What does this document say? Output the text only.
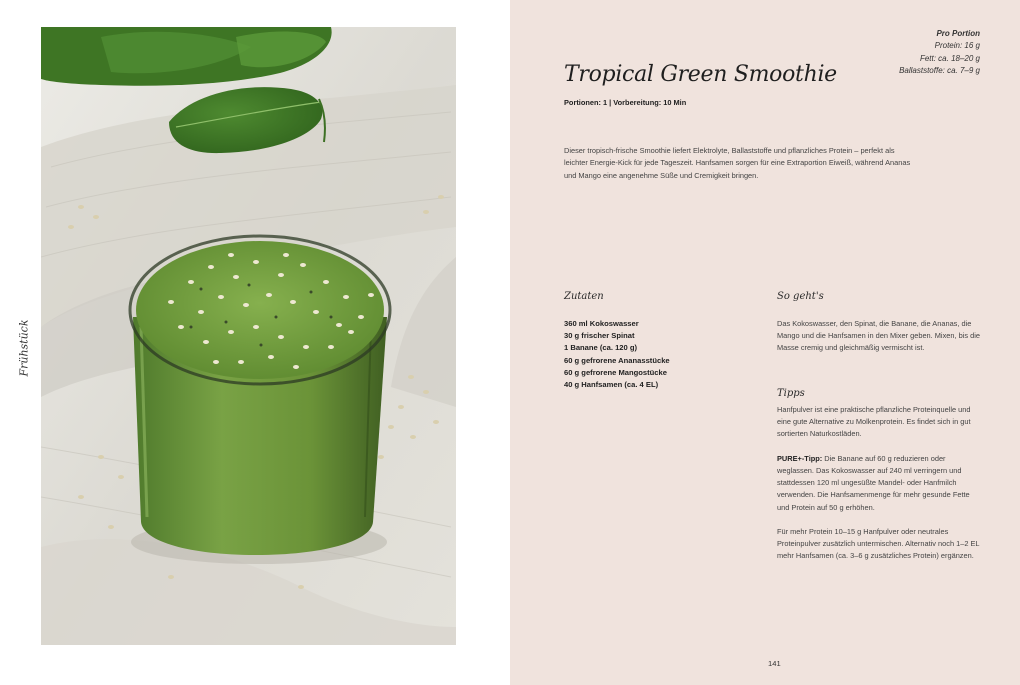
Frühstück
Pro Portion
Protein: 16 g
Fett: ca. 18–20 g
Ballaststoffe: ca. 7–9 g
Tropical Green Smoothie
Portionen: 1 | Vorbereitung: 10 Min

Dieser tropisch-frische Smoothie liefert Elektrolyte, Ballaststoffe und pflanzliches Protein – perfekt als leichter Energie-Kick für jede Tageszeit. Hanfsamen sorgen für eine Extraportion Eiweiß, während Ananas und Mango eine angenehme Süße und Cremigkeit bringen.

Zutaten
360 ml Kokoswasser
30 g frischer Spinat
1 Banane (ca. 120 g)
60 g gefrorene Ananasstücke
60 g gefrorene Mangostücke
40 g Hanfsamen (ca. 4 EL)
So geht's

Das Kokoswasser, den Spinat, die Banane, die Ananas, die Mango und die Hanfsamen in den Mixer geben. Mixen, bis die Masse cremig und gleichmäßig vermischt ist.

Tipps

Hanfpulver ist eine praktische pflanzliche Proteinquelle und eine gute Alternative zu Molkenprotein. Es findet sich in gut sortierten Naturkostläden.

PURE+-Tipp: Die Banane auf 60 g reduzieren oder weglassen. Das Kokoswasser auf 240 ml verringern und stattdessen 120 ml ungesüßte Mandel- oder Hanfmilch verwenden. Die Hanfsamenmenge für mehr gesunde Fette und Protein auf 50 g erhöhen.

Für mehr Protein 10–15 g Hanfpulver oder neutrales Proteinpulver zusätzlich untermischen. Alternativ noch 1–2 EL mehr Hanfsamen (ca. 3–6 g zusätzliches Protein) ergänzen.

141
